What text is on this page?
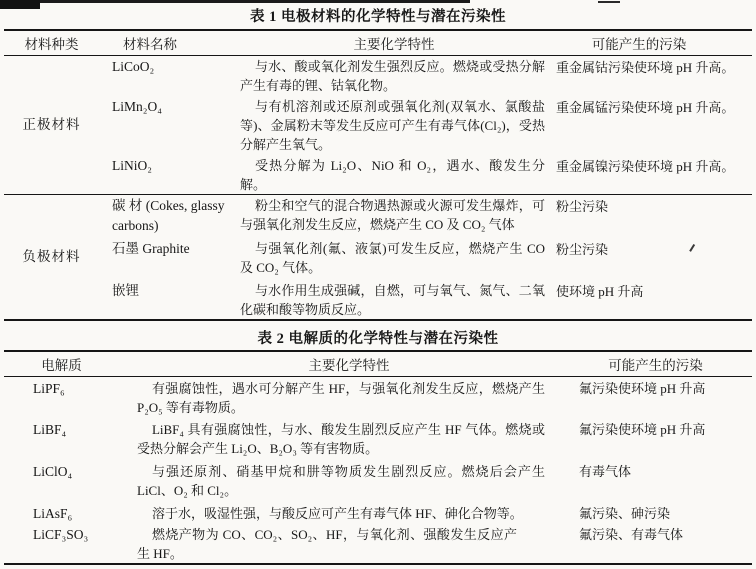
表 1 电极材料的化学特性与潜在污染性
材料种类	材料名称	主要化学特性	可能产生的污染
正极材料	LiCoO₂	与水、酸或氧化剂发生强烈反应。燃烧或受热分解产生有毒的锂、钴氧化物。	重金属钴污染使环境 pH 升高。
	LiMn₂O₄	与有机溶剂或还原剂或强氧化剂(双氧水、氯酸盐等)、金属粉末等发生反应可产生有毒气体(Cl₂)，受热分解产生氧气。	重金属锰污染使环境 pH 升高。
	LiNiO₂	受热分解为 Li₂O、NiO 和 O₂，遇水、酸发生分解。	重金属镍污染使环境 pH 升高。
负极材料	碳 材 (Cokes, glassy carbons)	粉尘和空气的混合物遇热源或火源可发生爆炸，可与强氧化剂发生反应，燃烧产生 CO 及 CO₂ 气体	粉尘污染
	石墨 Graphite	与强氧化剂(氟、液氯)可发生反应，燃烧产生 CO 及 CO₂ 气体。	粉尘污染
	嵌锂	与水作用生成强碱，自燃，可与氧气、氮气、二氧化碳和酸等物质反应。	使环境 pH 升高
表 2 电解质的化学特性与潜在污染性
电解质	主要化学特性	可能产生的污染
LiPF₆	有强腐蚀性，遇水可分解产生 HF，与强氧化剂发生反应，燃烧产生 P₂O₅ 等有毒物质。	氟污染使环境 pH 升高
LiBF₄	LiBF₄ 具有强腐蚀性，与水、酸发生剧烈反应产生 HF 气体。燃烧或受热分解会产生 Li₂O、B₂O₃ 等有害物质。	氟污染使环境 pH 升高
LiClO₄	与强还原剂、硝基甲烷和肼等物质发生剧烈反应。燃烧后会产生 LiCl、O₂ 和 Cl₂。	有毒气体
LiAsF₆	溶于水，吸湿性强，与酸反应可产生有毒气体 HF、砷化合物等。	氟污染、砷污染
LiCF₃SO₃	燃烧产物为 CO、CO₂、SO₂、HF，与氧化剂、强酸发生反应产生 HF。	氟污染、有毒气体
